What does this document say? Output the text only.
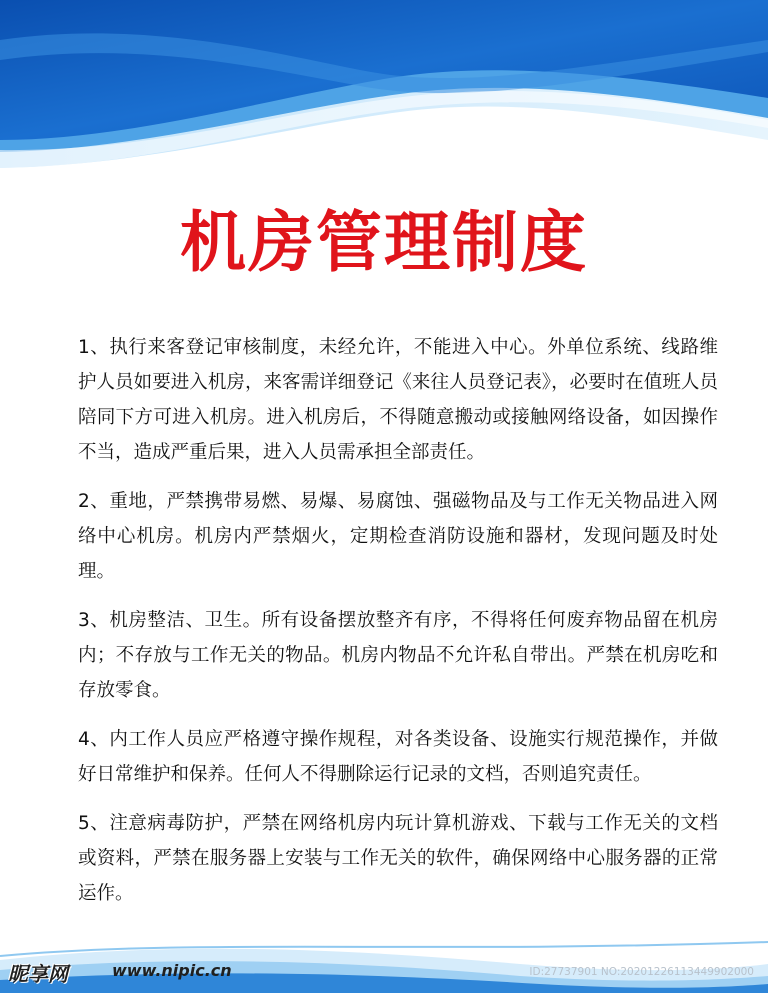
机房管理制度

1、执行来客登记审核制度，未经允许，不能进入中心。外单位系统、线路维护人员如要进入机房，来客需详细登记《来往人员登记表》，必要时在值班人员陪同下方可进入机房。进入机房后，不得随意搬动或接触网络设备，如因操作不当，造成严重后果，进入人员需承担全部责任。

2、重地，严禁携带易燃、易爆、易腐蚀、强磁物品及与工作无关物品进入网络中心机房。机房内严禁烟火，定期检查消防设施和器材，发现问题及时处理。

3、机房整洁、卫生。所有设备摆放整齐有序，不得将任何废弃物品留在机房内；不存放与工作无关的物品。机房内物品不允许私自带出。严禁在机房吃和存放零食。

4、内工作人员应严格遵守操作规程，对各类设备、设施实行规范操作，并做好日常维护和保养。任何人不得删除运行记录的文档，否则追究责任。

5、注意病毒防护，严禁在网络机房内玩计算机游戏、下载与工作无关的文档或资料，严禁在服务器上安装与工作无关的软件，确保网络中心服务器的正常运作。

昵享网	www.nipic.cn	ID:27737901 NO:20201226113449902000
